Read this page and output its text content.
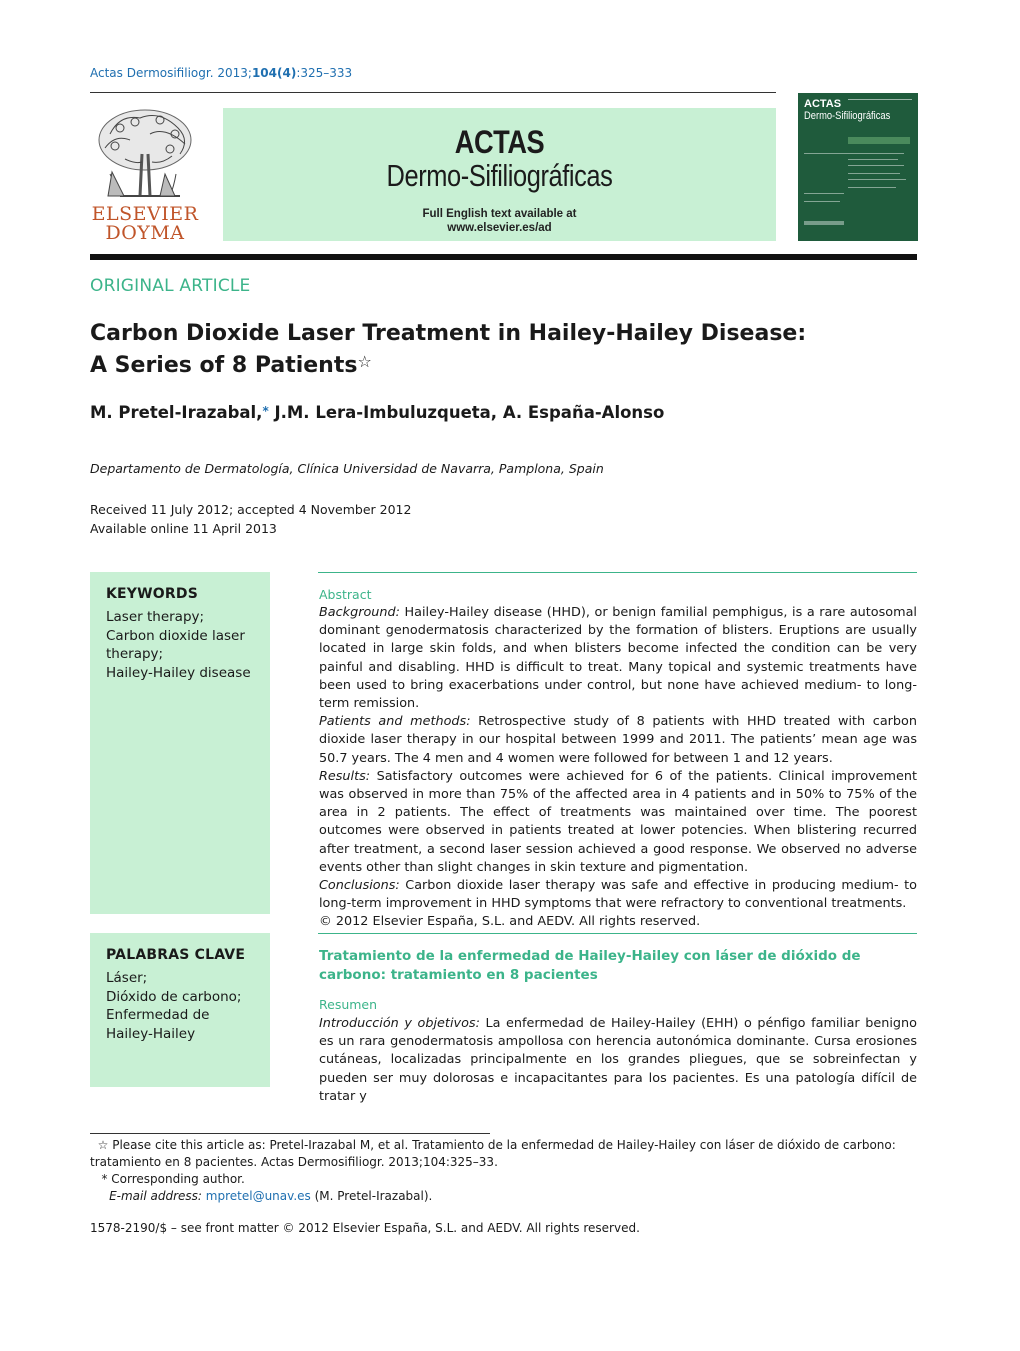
Actas Dermosifiliogr. 2013;104(4):325–333
ELSEVIER
DOYMA
ACTAS
Dermo-Sifiliográficas
Full English text available at
www.elsevier.es/ad
ACTAS
Dermo-Sifiliográficas
ORIGINAL ARTICLE
Carbon Dioxide Laser Treatment in Hailey-Hailey Disease:
A Series of 8 Patients☆
M. Pretel-Irazabal,* J.M. Lera-Imbuluzqueta, A. España-Alonso
Departamento de Dermatología, Clínica Universidad de Navarra, Pamplona, Spain
Received 11 July 2012; accepted 4 November 2012
Available online 11 April 2013
KEYWORDS
Laser therapy;
Carbon dioxide laser therapy;
Hailey-Hailey disease
PALABRAS CLAVE
Láser;
Dióxido de carbono;
Enfermedad de Hailey-Hailey
Abstract

Background: Hailey-Hailey disease (HHD), or benign familial pemphigus, is a rare autosomal dominant genodermatosis characterized by the formation of blisters. Eruptions are usually located in large skin folds, and when blisters become infected the condition can be very painful and disabling. HHD is difficult to treat. Many topical and systemic treatments have been used to bring exacerbations under control, but none have achieved medium- to long-term remission.

Patients and methods: Retrospective study of 8 patients with HHD treated with carbon dioxide laser therapy in our hospital between 1999 and 2011. The patients’ mean age was 50.7 years. The 4 men and 4 women were followed for between 1 and 12 years.

Results: Satisfactory outcomes were achieved for 6 of the patients. Clinical improvement was observed in more than 75% of the affected area in 4 patients and in 50% to 75% of the area in 2 patients. The effect of treatments was maintained over time. The poorest outcomes were observed in patients treated at lower potencies. When blistering recurred after treatment, a second laser session achieved a good response. We observed no adverse events other than slight changes in skin texture and pigmentation.

Conclusions: Carbon dioxide laser therapy was safe and effective in producing medium- to long-term improvement in HHD symptoms that were refractory to conventional treatments.

© 2012 Elsevier España, S.L. and AEDV. All rights reserved.

Tratamiento de la enfermedad de Hailey-Hailey con láser de dióxido de carbono: tratamiento en 8 pacientes
Resumen

Introducción y objetivos: La enfermedad de Hailey-Hailey (EHH) o pénfigo familiar benigno es un rara genodermatosis ampollosa con herencia autonómica dominante. Cursa erosiones cutáneas, localizadas principalmente en los grandes pliegues, que se sobreinfectan y pueden ser muy dolorosas e incapacitantes para los pacientes. Es una patología difícil de tratar y

☆ Please cite this article as: Pretel-Irazabal M, et al. Tratamiento de la enfermedad de Hailey-Hailey con láser de dióxido de carbono: tratamiento en 8 pacientes. Actas Dermosifiliogr. 2013;104:325–33.

* Corresponding author.

E-mail address: mpretel@unav.es (M. Pretel-Irazabal).

1578-2190/$ – see front matter © 2012 Elsevier España, S.L. and AEDV. All rights reserved.
